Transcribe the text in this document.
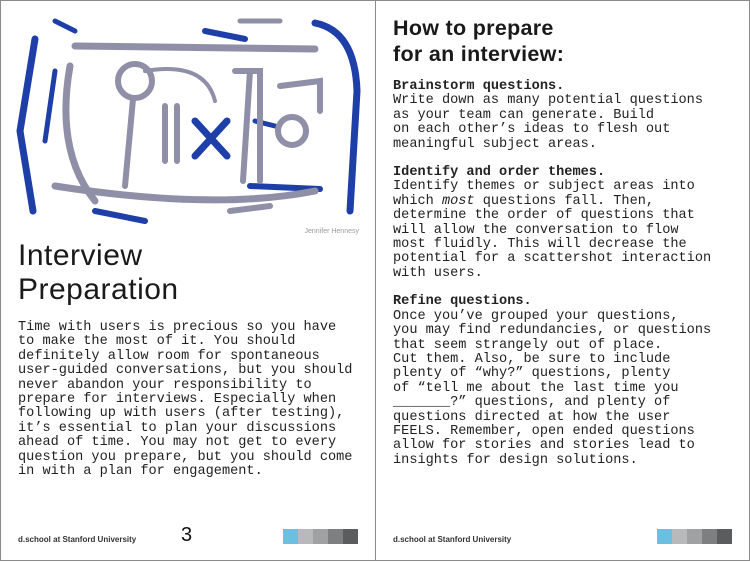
Jennifer Hennesy
Interview
Preparation
Time with users is precious so you have
to make the most of it. You should
definitely allow room for spontaneous
user-guided conversations, but you should
never abandon your responsibility to
prepare for interviews. Especially when
following up with users (after testing),
it’s essential to plan your discussions
ahead of time. You may not get to every
question you prepare, but you should come
in with a plan for engagement.
d.school at Stanford University 3
How to prepare
for an interview:
Brainstorm questions.
Write down as many potential questions
as your team can generate. Build
on each other’s ideas to flesh out
meaningful subject areas.
Identify and order themes.
Identify themes or subject areas into
which most questions fall. Then,
determine the order of questions that
will allow the conversation to flow
most fluidly. This will decrease the
potential for a scattershot interaction
with users.
Refine questions.
Once you’ve grouped your questions,
you may find redundancies, or questions
that seem strangely out of place.
Cut them. Also, be sure to include
plenty of “why?” questions, plenty
of “tell me about the last time you
_______?” questions, and plenty of
questions directed at how the user
FEELS. Remember, open ended questions
allow for stories and stories lead to
insights for design solutions.
d.school at Stanford University
